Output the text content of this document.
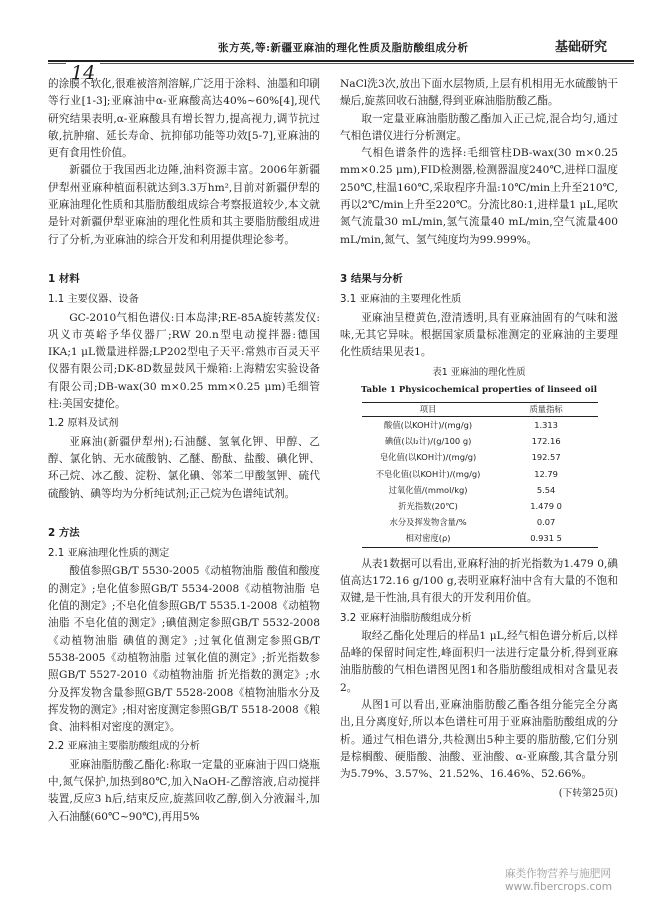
张方英,等:新疆亚麻油的理化性质及脂肪酸组成分析	基础研究
14

的涂膜不软化,很难被溶剂溶解,广泛用于涂料、油墨和印刷等行业[1-3];亚麻油中α-亚麻酸高达40%~60%[4],现代研究结果表明,α-亚麻酸具有增长智力,提高视力,调节抗过敏,抗肿瘤、延长寿命、抗抑郁功能等功效[5-7],亚麻油的更有食用性价值。

新疆位于我国西北边陲,油料资源丰富。2006年新疆伊犁州亚麻种植面积就达到3.3万hm²,目前对新疆伊犁的亚麻油理化性质和其脂肪酸组成综合考察报道较少,本文就是针对新疆伊犁亚麻油的理化性质和其主要脂肪酸组成进行了分析,为亚麻油的综合开发和利用提供理论参考。

1 材料

1.1 主要仪器、设备

GC-2010气相色谱仪:日本岛津;RE-85A旋转蒸发仪:巩义市英峪予华仪器厂;RW 20.n型电动搅拌器:德国IKA;1 μL微量进样器;LP202型电子天平:常熟市百灵天平仪器有限公司;DK-8D数显鼓风干燥箱:上海精宏实验设备有限公司;DB-wax(30 m×0.25 mm×0.25 μm)毛细管柱:美国安捷伦。

1.2 原料及试剂

亚麻油(新疆伊犁州);石油醚、氢氧化钾、甲醇、乙醇、氯化钠、无水硫酸钠、乙醚、酚酞、盐酸、碘化钾、环己烷、冰乙酸、淀粉、氯化碘、邻苯二甲酸氢钾、硫代硫酸钠、碘等均为分析纯试剂;正己烷为色谱纯试剂。

2 方法

2.1 亚麻油理化性质的测定

酸值参照GB/T 5530-2005《动植物油脂 酸值和酸度的测定》;皂化值参照GB/T 5534-2008《动植物油脂 皂化值的测定》;不皂化值参照GB/T 5535.1-2008《动植物油脂 不皂化值的测定》;碘值测定参照GB/T 5532-2008《动植物油脂 碘值的测定》;过氧化值测定参照GB/T 5538-2005《动植物油脂 过氧化值的测定》;折光指数参照GB/T 5527-2010《动植物油脂 折光指数的测定》;水分及挥发物含量参照GB/T 5528-2008《植物油脂水分及挥发物的测定》;相对密度测定参照GB/T 5518-2008《粮食、油料相对密度的测定》。

2.2 亚麻油主要脂肪酸组成的分析

亚麻油脂肪酸乙酯化:称取一定量的亚麻油于四口烧瓶中,氮气保护,加热到80℃,加入NaOH-乙醇溶液,启动搅拌装置,反应3 h后,结束反应,旋蒸回收乙醇,倒入分液漏斗,加入石油醚(60℃~90℃),再用5%

NaCl洗3次,放出下面水层物质,上层有机相用无水硫酸钠干燥后,旋蒸回收石油醚,得到亚麻油脂肪酸乙酯。

取一定量亚麻油脂肪酸乙酯加入正己烷,混合均匀,通过气相色谱仪进行分析测定。

气相色谱条件的选择:毛细管柱DB-wax(30 m×0.25 mm×0.25 μm),FID检测器,检测器温度240℃,进样口温度250℃,柱温160℃,采取程序升温:10℃/min上升至210℃,再以2℃/min上升至220℃。分流比80:1,进样量1 μL,尾吹氮气流量30 mL/min,氢气流量40 mL/min,空气流量400 mL/min,氮气、氢气纯度均为99.999%。

3 结果与分析

3.1 亚麻油的主要理化性质

亚麻油呈橙黄色,澄清透明,具有亚麻油固有的气味和滋味,无其它异味。根据国家质量标准测定的亚麻油的主要理化性质结果见表1。

表1 亚麻油的理化性质

Table 1 Physicochemical properties of linseed oil

项目	质量指标
酸值(以KOH计)/(mg/g)	1.313
碘值(以I₂计)/(g/100 g)	172.16
皂化值(以KOH计)/(mg/g)	192.57
不皂化值(以KOH计)/(mg/g)	12.79
过氧化值/(mmol/kg)	5.54
折光指数(20℃)	1.479 0
水分及挥发物含量/%	0.07
相对密度(ρ)	0.931 5

从表1数据可以看出,亚麻籽油的折光指数为1.479 0,碘值高达172.16 g/100 g,表明亚麻籽油中含有大量的不饱和双键,是干性油,具有很大的开发利用价值。

3.2 亚麻籽油脂肪酸组成分析

取经乙酯化处理后的样品1 μL,经气相色谱分析后,以样品峰的保留时间定性,峰面积归一法进行定量分析,得到亚麻油脂肪酸的气相色谱图见图1和各脂肪酸组成相对含量见表2。

从图1可以看出,亚麻油脂肪酸乙酯各组分能完全分离出,且分离度好,所以本色谱柱可用于亚麻油脂肪酸组成的分析。通过气相色谱分,共检测出5种主要的脂肪酸,它们分别是棕榈酸、硬脂酸、油酸、亚油酸、α-亚麻酸,其含量分别为5.79%、3.57%、21.52%、16.46%、52.66%。

(下转第25页)

麻类作物营养与施肥网 www.fibercrops.com
